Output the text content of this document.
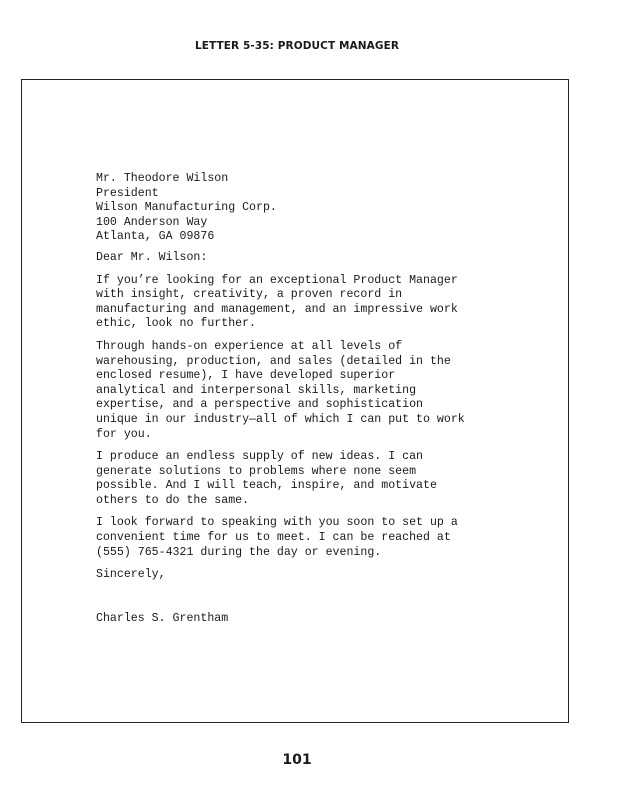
LETTER 5-35: PRODUCT MANAGER
Mr. Theodore Wilson
President
Wilson Manufacturing Corp.
100 Anderson Way
Atlanta, GA 09876
Dear Mr. Wilson:
If you’re looking for an exceptional Product Manager
with insight, creativity, a proven record in
manufacturing and management, and an impressive work
ethic, look no further.
Through hands-on experience at all levels of
warehousing, production, and sales (detailed in the
enclosed resume), I have developed superior
analytical and interpersonal skills, marketing
expertise, and a perspective and sophistication
unique in our industry—all of which I can put to work
for you.
I produce an endless supply of new ideas. I can
generate solutions to problems where none seem
possible. And I will teach, inspire, and motivate
others to do the same.
I look forward to speaking with you soon to set up a
convenient time for us to meet. I can be reached at
(555) 765-4321 during the day or evening.
Sincerely,
Charles S. Grentham
101
